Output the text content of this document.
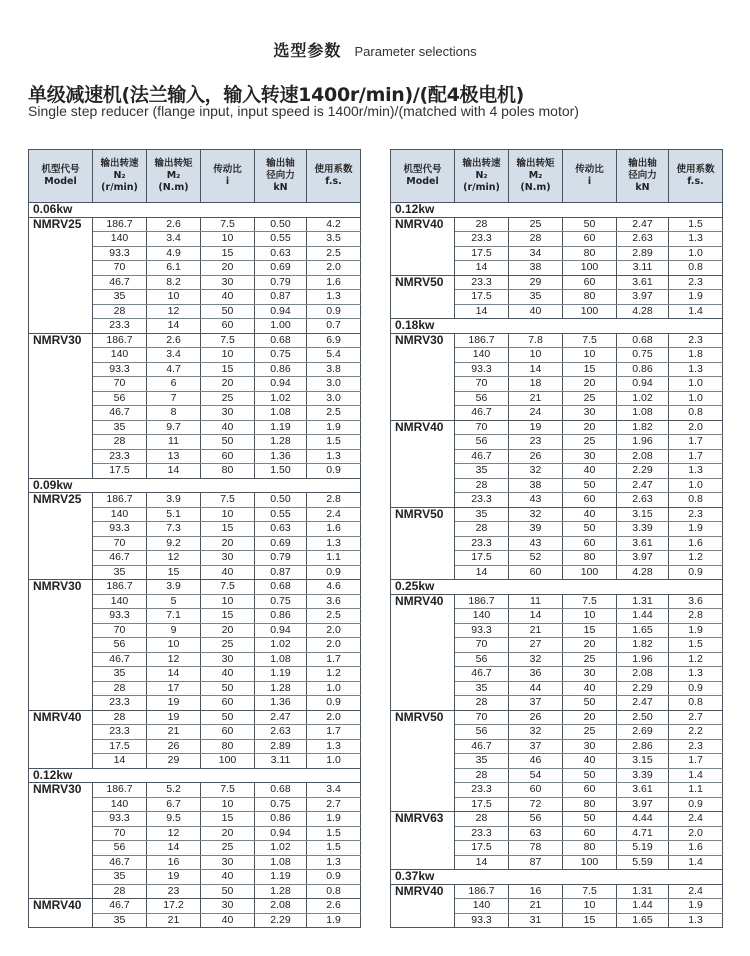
选型参数 Parameter selections
单级减速机(法兰输入，输入转速1400r/min)/(配4极电机)
Single step reducer (flange input, input speed is 1400r/min)/(matched with 4 poles motor)
机型代号
Model	输出转速
N₂
(r/min)	输出转矩
M₂
(N.m)	传动比
i	输出轴
径向力
kN	使用系数
f.s.
0.06kw					
NMRV25	186.7	2.6	7.5	0.50	4.2
	140	3.4	10	0.55	3.5
	93.3	4.9	15	0.63	2.5
	70	6.1	20	0.69	2.0
	46.7	8.2	30	0.79	1.6
	35	10	40	0.87	1.3
	28	12	50	0.94	0.9
	23.3	14	60	1.00	0.7
NMRV30	186.7	2.6	7.5	0.68	6.9
	140	3.4	10	0.75	5.4
	93.3	4.7	15	0.86	3.8
	70	6	20	0.94	3.0
	56	7	25	1.02	3.0
	46.7	8	30	1.08	2.5
	35	9.7	40	1.19	1.9
	28	11	50	1.28	1.5
	23.3	13	60	1.36	1.3
	17.5	14	80	1.50	0.9
0.09kw					
NMRV25	186.7	3.9	7.5	0.50	2.8
	140	5.1	10	0.55	2.4
	93.3	7.3	15	0.63	1.6
	70	9.2	20	0.69	1.3
	46.7	12	30	0.79	1.1
	35	15	40	0.87	0.9
NMRV30	186.7	3.9	7.5	0.68	4.6
	140	5	10	0.75	3.6
	93.3	7.1	15	0.86	2.5
	70	9	20	0.94	2.0
	56	10	25	1.02	2.0
	46.7	12	30	1.08	1.7
	35	14	40	1.19	1.2
	28	17	50	1.28	1.0
	23.3	19	60	1.36	0.9
NMRV40	28	19	50	2.47	2.0
	23.3	21	60	2.63	1.7
	17.5	26	80	2.89	1.3
	14	29	100	3.11	1.0
0.12kw					
NMRV30	186.7	5.2	7.5	0.68	3.4
	140	6.7	10	0.75	2.7
	93.3	9.5	15	0.86	1.9
	70	12	20	0.94	1.5
	56	14	25	1.02	1.5
	46.7	16	30	1.08	1.3
	35	19	40	1.19	0.9
	28	23	50	1.28	0.8
NMRV40	46.7	17.2	30	2.08	2.6
	35	21	40	2.29	1.9
机型代号
Model	输出转速
N₂
(r/min)	输出转矩
M₂
(N.m)	传动比
i	输出轴
径向力
kN	使用系数
f.s.
0.12kw					
NMRV40	28	25	50	2.47	1.5
	23.3	28	60	2.63	1.3
	17.5	34	80	2.89	1.0
	14	38	100	3.11	0.8
NMRV50	23.3	29	60	3.61	2.3
	17.5	35	80	3.97	1.9
	14	40	100	4.28	1.4
0.18kw					
NMRV30	186.7	7.8	7.5	0.68	2.3
	140	10	10	0.75	1.8
	93.3	14	15	0.86	1.3
	70	18	20	0.94	1.0
	56	21	25	1.02	1.0
	46.7	24	30	1.08	0.8
NMRV40	70	19	20	1.82	2.0
	56	23	25	1.96	1.7
	46.7	26	30	2.08	1.7
	35	32	40	2.29	1.3
	28	38	50	2.47	1.0
	23.3	43	60	2.63	0.8
NMRV50	35	32	40	3.15	2.3
	28	39	50	3.39	1.9
	23.3	43	60	3.61	1.6
	17.5	52	80	3.97	1.2
	14	60	100	4.28	0.9
0.25kw					
NMRV40	186.7	11	7.5	1.31	3.6
	140	14	10	1.44	2.8
	93.3	21	15	1.65	1.9
	70	27	20	1.82	1.5
	56	32	25	1.96	1.2
	46.7	36	30	2.08	1.3
	35	44	40	2.29	0.9
	28	37	50	2.47	0.8
NMRV50	70	26	20	2.50	2.7
	56	32	25	2.69	2.2
	46.7	37	30	2.86	2.3
	35	46	40	3.15	1.7
	28	54	50	3.39	1.4
	23.3	60	60	3.61	1.1
	17.5	72	80	3.97	0.9
NMRV63	28	56	50	4.44	2.4
	23.3	63	60	4.71	2.0
	17.5	78	80	5.19	1.6
	14	87	100	5.59	1.4
0.37kw					
NMRV40	186.7	16	7.5	1.31	2.4
	140	21	10	1.44	1.9
	93.3	31	15	1.65	1.3
